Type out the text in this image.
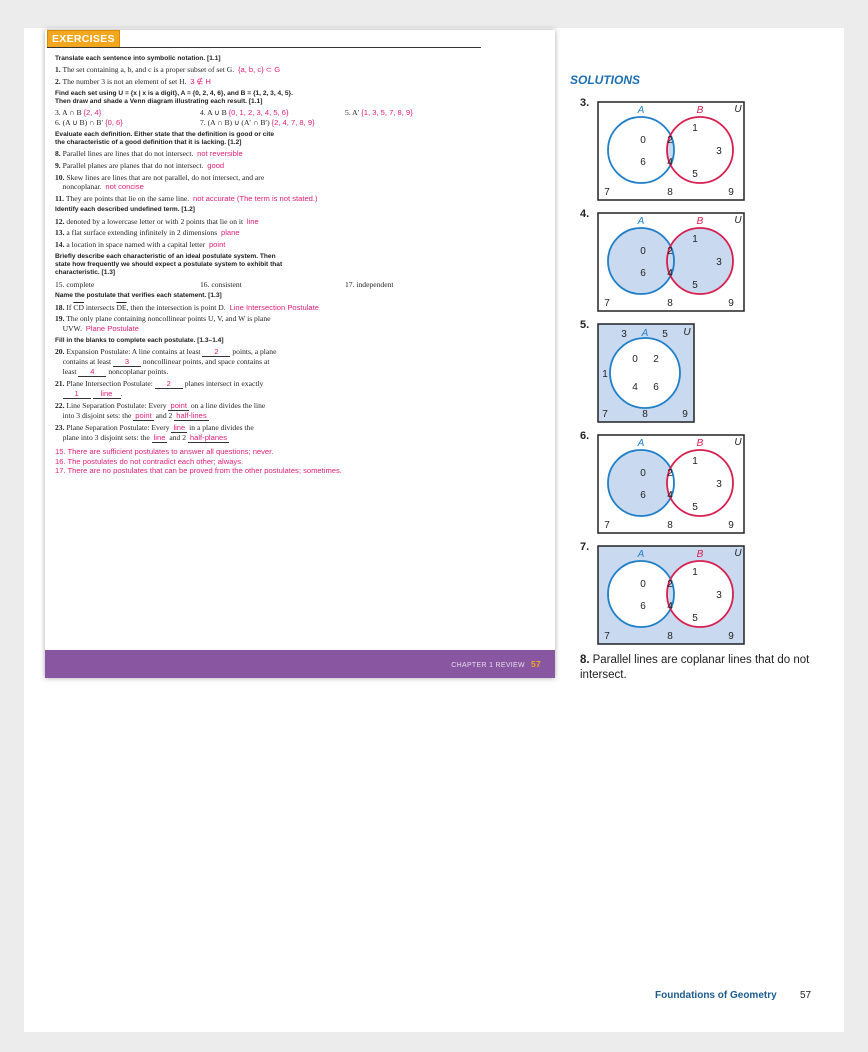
CHAPTER 1 REVIEW 57
EXERCISES
Translate each sentence into symbolic notation. [1.1]
1. The set containing a, b, and c is a proper subset of set G. {a, b, c} ⊂ G
2. The number 3 is not an element of set H. 3 ∉ H
Find each set using U = {x | x is a digit}, A = {0, 2, 4, 6}, and B = {1, 2, 3, 4, 5}.
Then draw and shade a Venn diagram illustrating each result. [1.1]
3. A ∩ B {2, 4}	4. A ∪ B {0, 1, 2, 3, 4, 5, 6}	5. A′ {1, 3, 5, 7, 8, 9}
6. (A ∪ B) ∩ B′ {0, 6}	7. (A ∩ B) ∪ (A′ ∩ B′) {2, 4, 7, 8, 9}
Evaluate each definition. Either state that the definition is good or cite
the characteristic of a good definition that it is lacking. [1.2]
8. Parallel lines are lines that do not intersect. not reversible
9. Parallel planes are planes that do not intersect. good
10. Skew lines are lines that are not parallel, do not intersect, and are
noncoplanar. not concise
11. They are points that lie on the same line. not accurate (The term is not stated.)
Identify each described undefined term. [1.2]
12. denoted by a lowercase letter or with 2 points that lie on it line
13. a flat surface extending infinitely in 2 dimensions plane
14. a location in space named with a capital letter point
Briefly describe each characteristic of an ideal postulate system. Then
state how frequently we should expect a postulate system to exhibit that
characteristic. [1.3]
15. complete	16. consistent	17. independent
Name the postulate that verifies each statement. [1.3]
18. If $\overline{CD}$ intersects $\overline{DE}$, then the intersection is point D. Line Intersection Postulate
19. The only plane containing noncollinear points U, V, and W is plane
UVW. Plane Postulate
Fill in the blanks to complete each postulate. [1.3–1.4]
20. Expansion Postulate: A line contains at least 2 points, a plane
contains at least 3 noncollinear points, and space contains at
least 4 noncoplanar points.
21. Plane Intersection Postulate: 2 planes intersect in exactly
1	line .
22. Line Separation Postulate: Every point on a line divides the line
into 3 disjoint sets: the point and 2 half-lines
23. Plane Separation Postulate: Every line in a plane divides the
plane into 3 disjoint sets: the line and 2 half-planes
15. There are sufficient postulates to answer all questions; never.
16. The postulates do not contradict each other; always.
17. There are no postulates that can be proved from the other postulates; sometimes.
SOLUTIONS
3.
4.
5.
6.
7.
A	B	U
0
6
2
4
1
3
5
7	8	9
A	B	U
0
6
2
4
1
3
5
7	8	9
A	U
3	5
1
7	8	9
0 2
4 6
A	B	U
0
6
2
4
1
3
5
7	8	9
A	B	U
0
6
2
4
1
3
5
7	8	9
8. Parallel lines are coplanar lines that do not intersect.
Foundations of Geometry 57
